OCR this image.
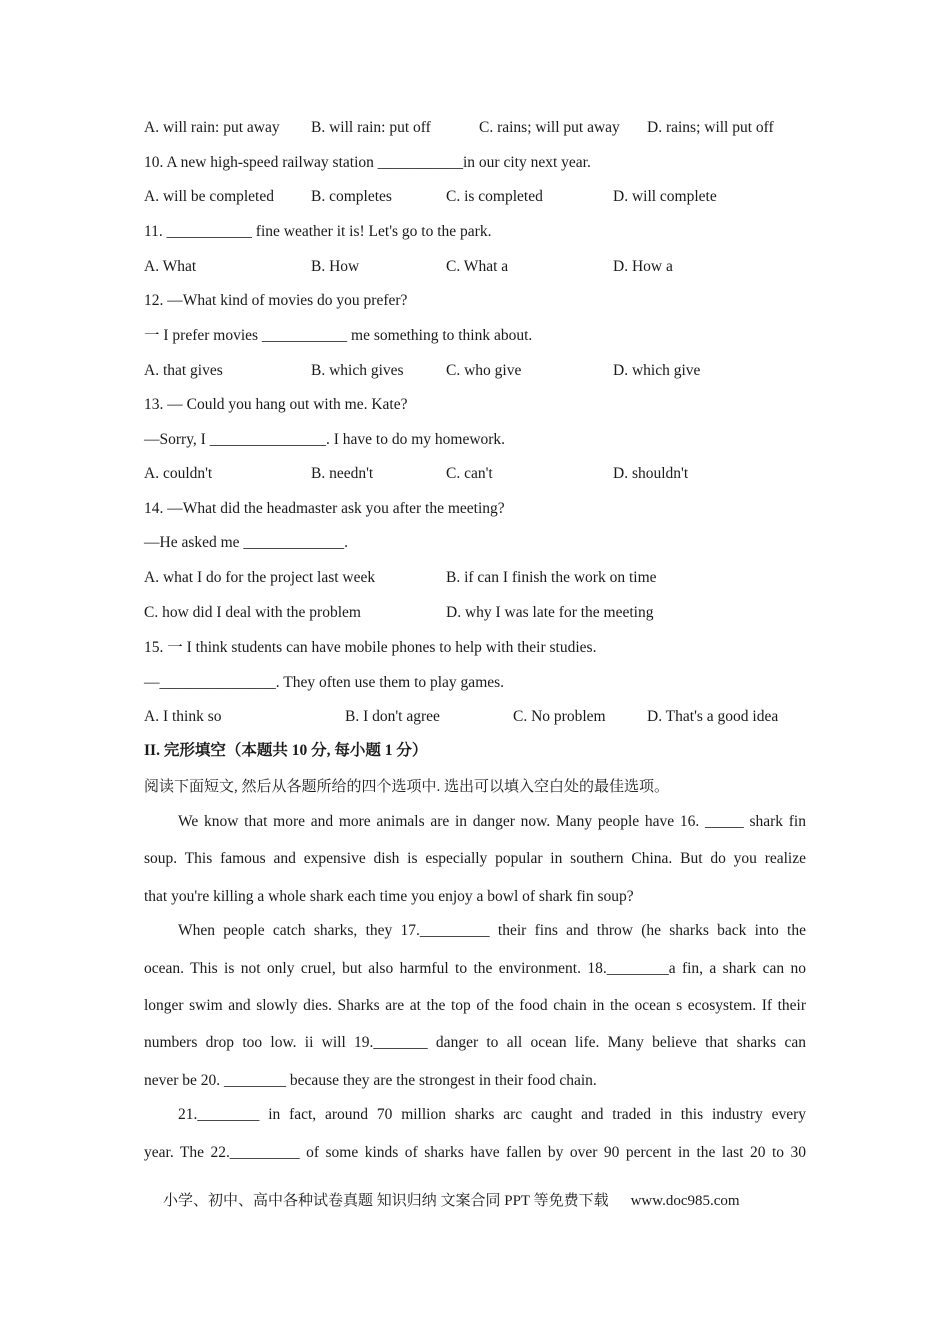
A. will rain: put away B. will rain: put off	C. rains; will put away D. rains; will put off
10. A new high-speed railway station ___________in our city next year.
A. will be completed B. completes	C. is completed	D. will complete
11. ___________ fine weather it is! Let's go to the park.
A. What	B. How	C. What a	D. How a
12. —What kind of movies do you prefer?
一 I prefer movies ___________ me something to think about.
A. that gives	B. which gives	C. who give	D. which give
13. — Could you hang out with me. Kate?
—Sorry, I _______________. I have to do my homework.
A. couldn't	B. needn't	C. can't	D. shouldn't
14. —What did the headmaster ask you after the meeting?
—He asked me _____________.
A. what I do for the project last week	B. if can I finish the work on time
C. how did I deal with the problem	D. why I was late for the meeting
15. 一 I think students can have mobile phones to help with their studies.
—_______________. They often use them to play games.
A. I think so	B. I don't agree	C. No problem	D. That's a good idea
II. 完形填空（本题共 10 分, 每小题 1 分）
阅读下面短文, 然后从各题所给的四个选项中. 选出可以填入空白处的最佳选项。
We know that more and more animals are in danger now. Many people have 16. _____ shark fin
soup. This famous and expensive dish is especially popular in southern China. But do you realize
that you're killing a whole shark each time you enjoy a bowl of shark fin soup?
When people catch sharks, they 17._________ their fins and throw (he sharks back into the
ocean. This is not only cruel, but also harmful to the environment. 18.________a fin, a shark can no
longer swim and slowly dies. Sharks are at the top of the food chain in the ocean s ecosystem. If their
numbers drop too low. ii will 19._______ danger to all ocean life. Many believe that sharks can
never be 20. ________ because they are the strongest in their food chain.
21.________ in fact, around 70 million sharks arc caught and traded in this industry every
year. The 22._________ of some kinds of sharks have fallen by over 90 percent in the last 20 to 30
小学、初中、高中各种试卷真题 知识归纳 文案合同 PPT 等免费下载 www.doc985.com
